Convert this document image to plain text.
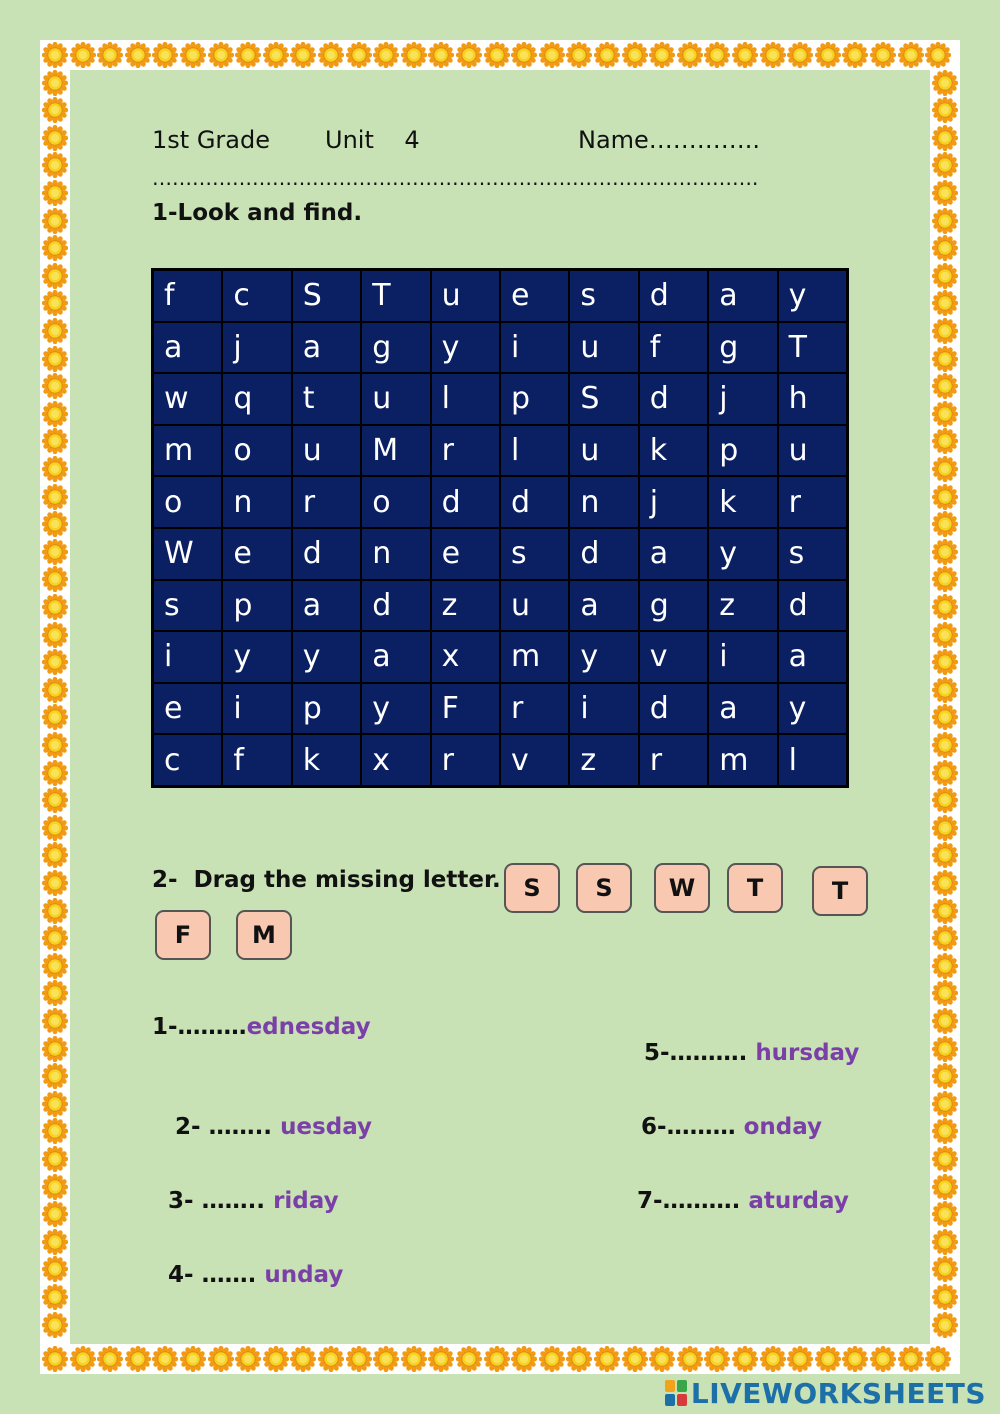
1st Grade Unit    4	Name…………..
……………………………………………………………………………….
1-Look and find.
f	c	S	T	u	e	s	d	a	y
a	j	a	g	y	i	u	f	g	T
w	q	t	u	l	p	S	d	j	h
m	o	u	M	r	l	u	k	p	u
o	n	r	o	d	d	n	j	k	r
W	e	d	n	e	s	d	a	y	s
s	p	a	d	z	u	a	g	z	d
i	y	y	a	x	m	y	v	i	a
e	i	p	y	F	r	i	d	a	y
c	f	k	x	r	v	z	r	m	l
2-  Drag the missing letter. S	S	W	T	T
F	M
1-………ednesday

2- …….. uesday

3- …….. riday

4- ……. unday

5-………. hursday

6-……… onday

7-………. aturday

LIVEWORKSHEETS
